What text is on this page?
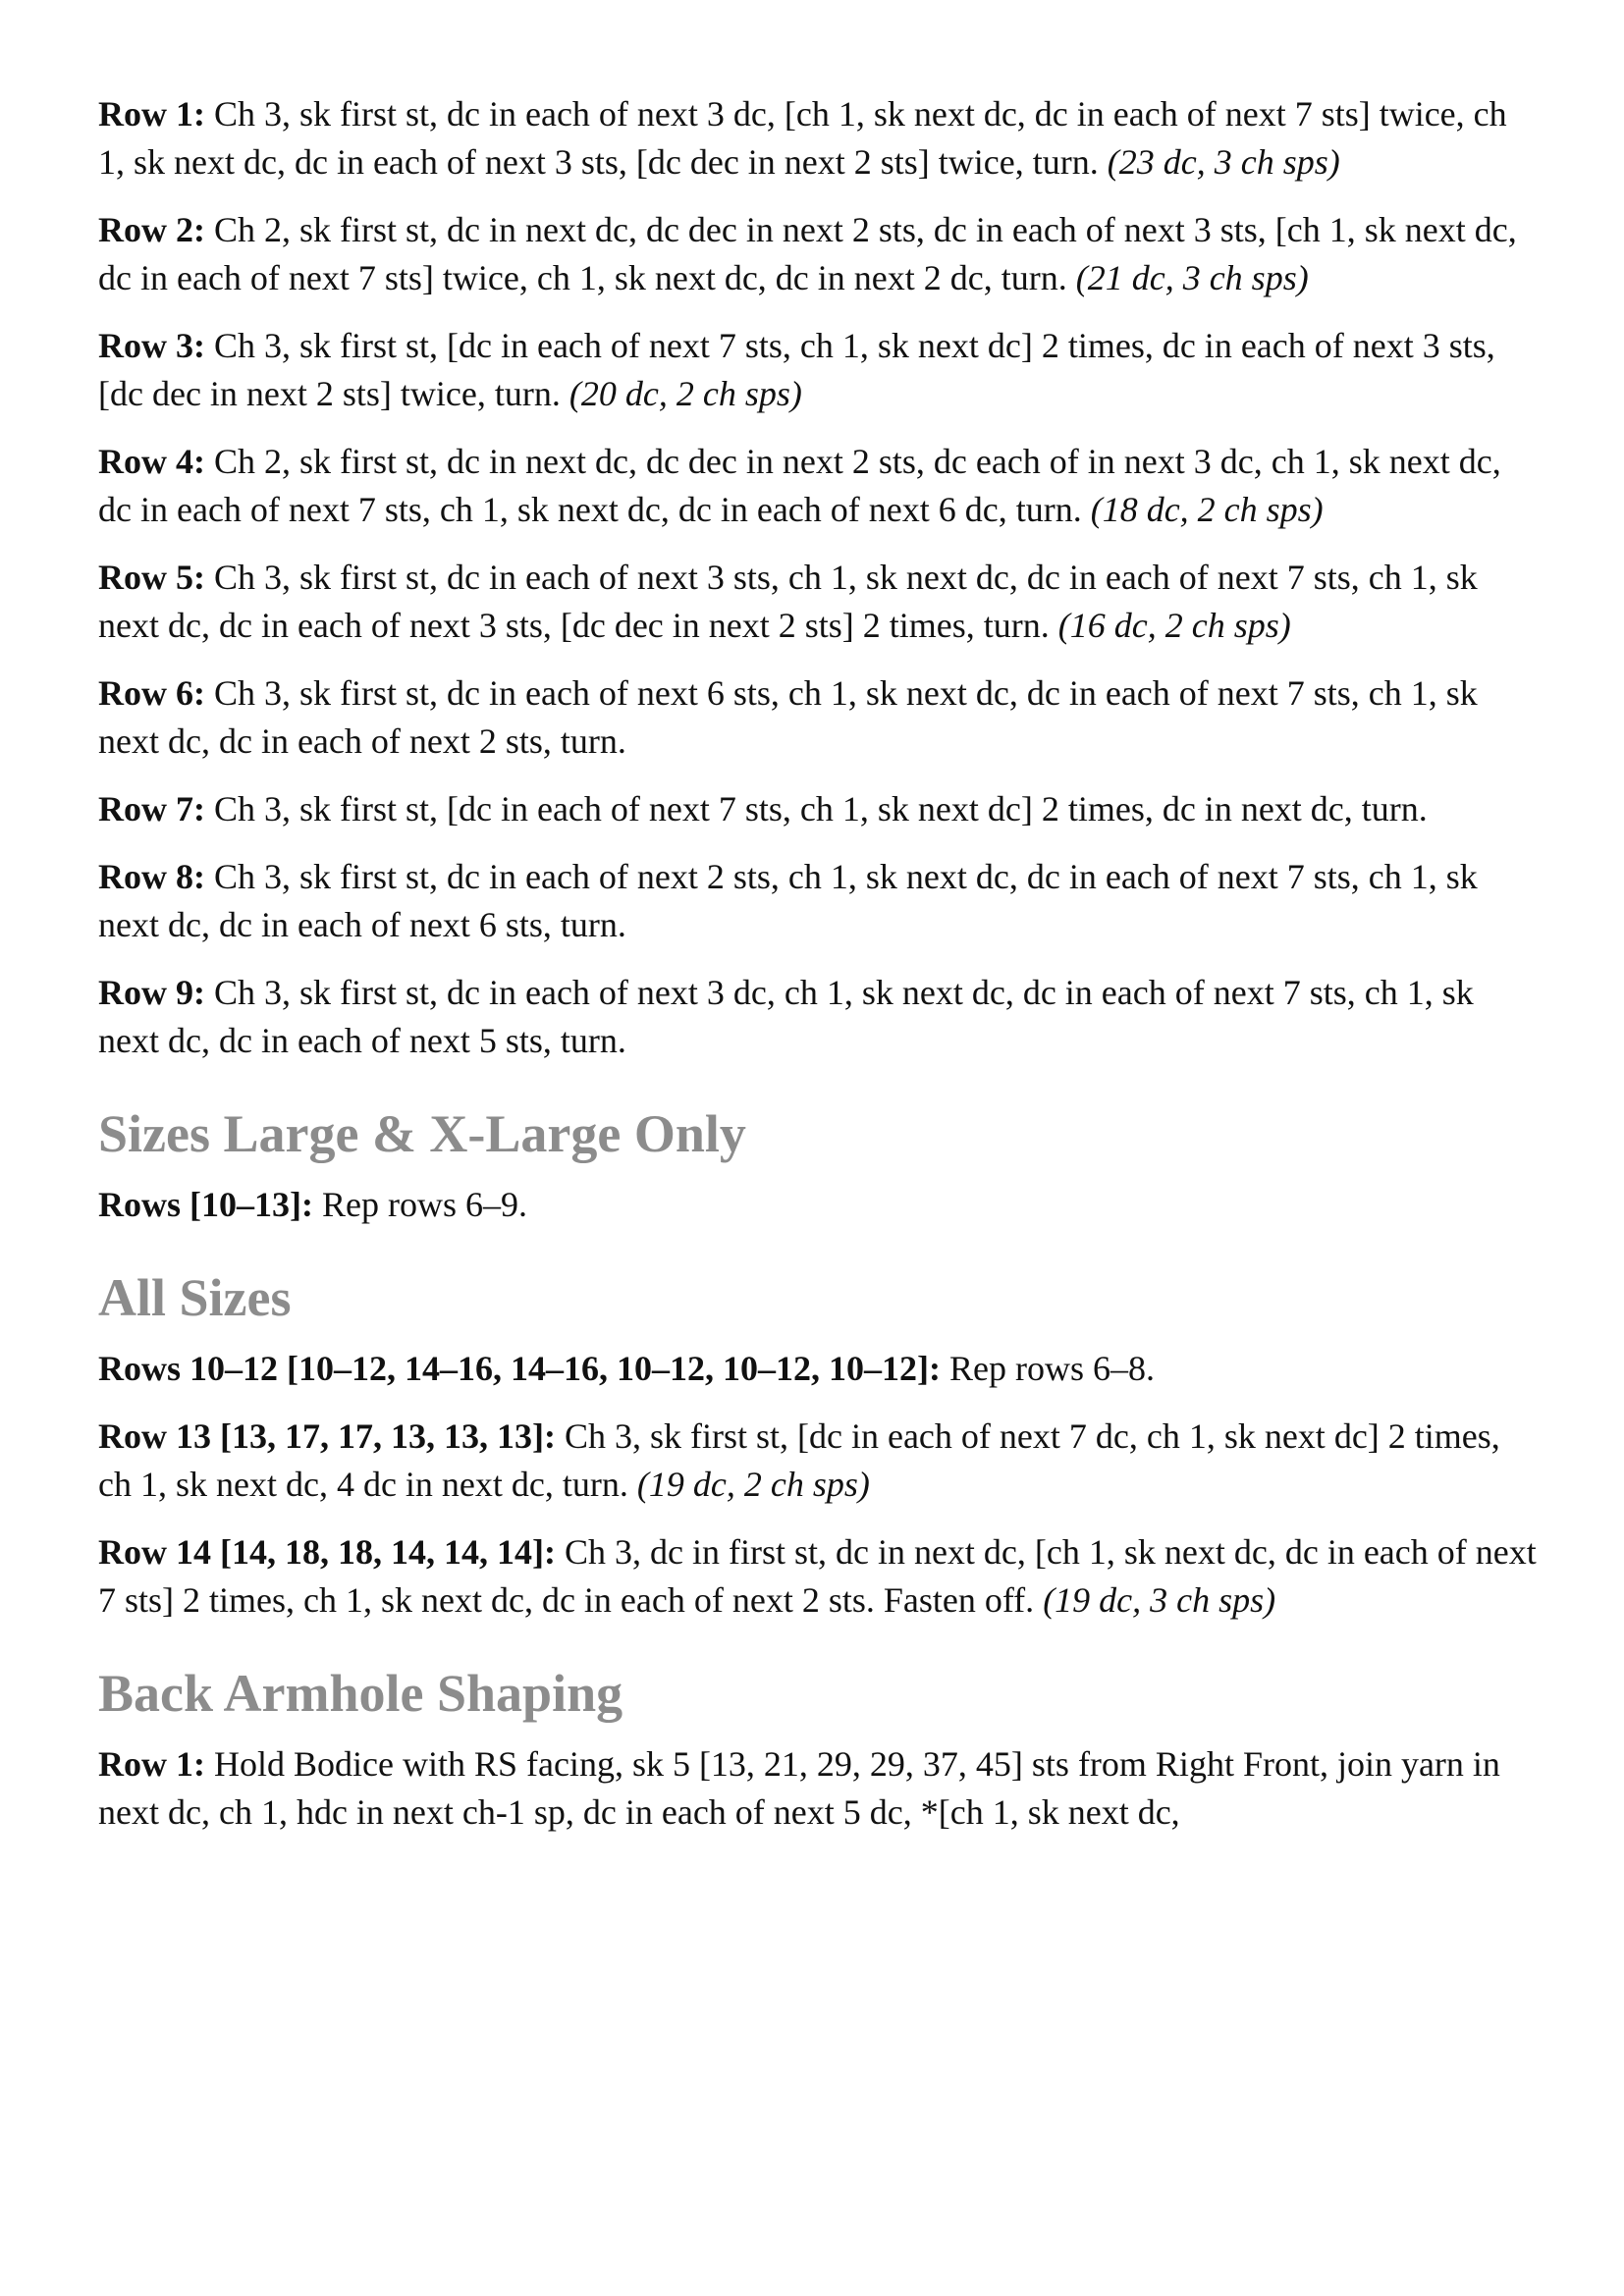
Row 1: Ch 3, sk first st, dc in each of next 3 dc, [ch 1, sk next dc, dc in each of next 7 sts] twice, ch 1, sk next dc, dc in each of next 3 sts, [dc dec in next 2 sts] twice, turn. (23 dc, 3 ch sps)

Row 2: Ch 2, sk first st, dc in next dc, dc dec in next 2 sts, dc in each of next 3 sts, [ch 1, sk next dc, dc in each of next 7 sts] twice, ch 1, sk next dc, dc in next 2 dc, turn. (21 dc, 3 ch sps)

Row 3: Ch 3, sk first st, [dc in each of next 7 sts, ch 1, sk next dc] 2 times, dc in each of next 3 sts, [dc dec in next 2 sts] twice, turn. (20 dc, 2 ch sps)

Row 4: Ch 2, sk first st, dc in next dc, dc dec in next 2 sts, dc each of in next 3 dc, ch 1, sk next dc, dc in each of next 7 sts, ch 1, sk next dc, dc in each of next 6 dc, turn. (18 dc, 2 ch sps)

Row 5: Ch 3, sk first st, dc in each of next 3 sts, ch 1, sk next dc, dc in each of next 7 sts, ch 1, sk next dc, dc in each of next 3 sts, [dc dec in next 2 sts] 2 times, turn. (16 dc, 2 ch sps)

Row 6: Ch 3, sk first st, dc in each of next 6 sts, ch 1, sk next dc, dc in each of next 7 sts, ch 1, sk next dc, dc in each of next 2 sts, turn.

Row 7: Ch 3, sk first st, [dc in each of next 7 sts, ch 1, sk next dc] 2 times, dc in next dc, turn.

Row 8: Ch 3, sk first st, dc in each of next 2 sts, ch 1, sk next dc, dc in each of next 7 sts, ch 1, sk next dc, dc in each of next 6 sts, turn.

Row 9: Ch 3, sk first st, dc in each of next 3 dc, ch 1, sk next dc, dc in each of next 7 sts, ch 1, sk next dc, dc in each of next 5 sts, turn.

Sizes Large & X-Large Only

Rows [10–13]: Rep rows 6–9.

All Sizes

Rows 10–12 [10–12, 14–16, 14–16, 10–12, 10–12, 10–12]: Rep rows 6–8.

Row 13 [13, 17, 17, 13, 13, 13]: Ch 3, sk first st, [dc in each of next 7 dc, ch 1, sk next dc] 2 times, ch 1, sk next dc, 4 dc in next dc, turn. (19 dc, 2 ch sps)

Row 14 [14, 18, 18, 14, 14, 14]: Ch 3, dc in first st, dc in next dc, [ch 1, sk next dc, dc in each of next 7 sts] 2 times, ch 1, sk next dc, dc in each of next 2 sts. Fasten off. (19 dc, 3 ch sps)

Back Armhole Shaping

Row 1: Hold Bodice with RS facing, sk 5 [13, 21, 29, 29, 37, 45] sts from Right Front, join yarn in next dc, ch 1, hdc in next ch-1 sp, dc in each of next 5 dc, *[ch 1, sk next dc,
